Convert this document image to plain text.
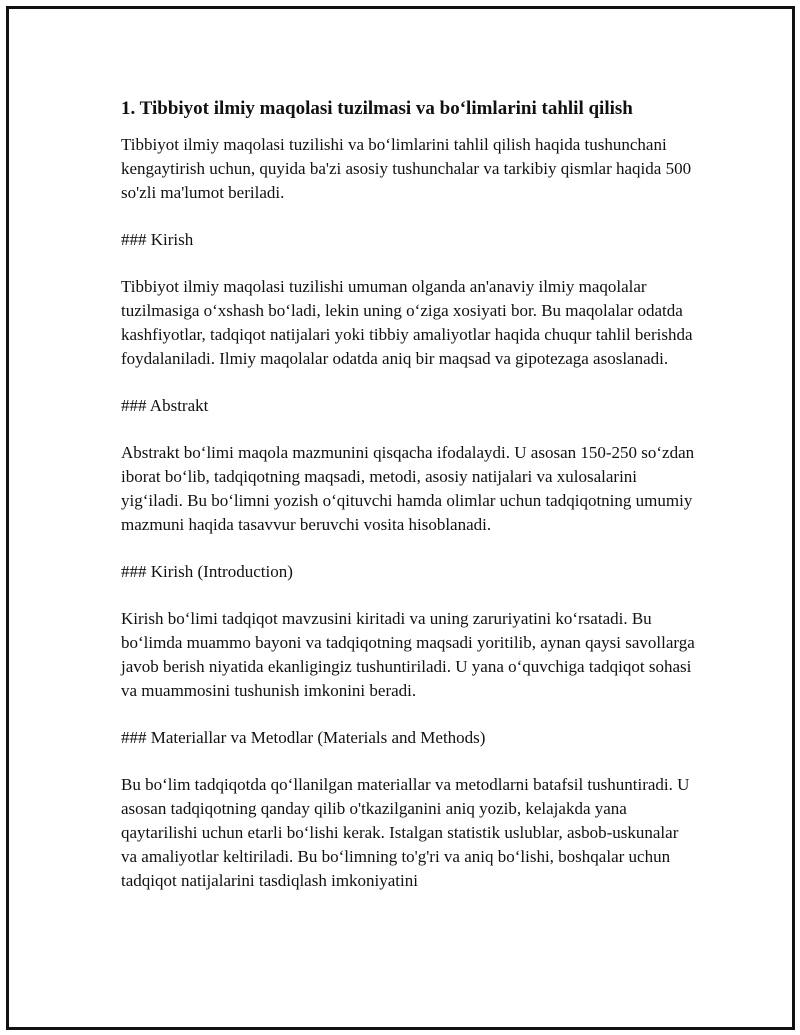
1. Tibbiyot ilmiy maqolasi tuzilmasi va bo‘limlarini tahlil qilish

Tibbiyot ilmiy maqolasi tuzilishi va bo‘limlarini tahlil qilish haqida tushunchani kengaytirish uchun, quyida ba'zi asosiy tushunchalar va tarkibiy qismlar haqida 500 so'zli ma'lumot beriladi.

### Kirish

Tibbiyot ilmiy maqolasi tuzilishi umuman olganda an'anaviy ilmiy maqolalar tuzilmasiga o‘xshash bo‘ladi, lekin uning o‘ziga xosiyati bor. Bu maqolalar odatda kashfiyotlar, tadqiqot natijalari yoki tibbiy amaliyotlar haqida chuqur tahlil berishda foydalaniladi. Ilmiy maqolalar odatda aniq bir maqsad va gipotezaga asoslanadi.

### Abstrakt

Abstrakt bo‘limi maqola mazmunini qisqacha ifodalaydi. U asosan 150-250 so‘zdan iborat bo‘lib, tadqiqotning maqsadi, metodi, asosiy natijalari va xulosalarini yig‘iladi. Bu bo‘limni yozish o‘qituvchi hamda olimlar uchun tadqiqotning umumiy mazmuni haqida tasavvur beruvchi vosita hisoblanadi.

### Kirish (Introduction)

Kirish bo‘limi tadqiqot mavzusini kiritadi va uning zaruriyatini ko‘rsatadi. Bu bo‘limda muammo bayoni va tadqiqotning maqsadi yoritilib, aynan qaysi savollarga javob berish niyatida ekanligingiz tushuntiriladi. U yana o‘quvchiga tadqiqot sohasi va muammosini tushunish imkonini beradi.

### Materiallar va Metodlar (Materials and Methods)

Bu bo‘lim tadqiqotda qo‘llanilgan materiallar va metodlarni batafsil tushuntiradi. U asosan tadqiqotning qanday qilib o'tkazilganini aniq yozib, kelajakda yana qaytarilishi uchun etarli bo‘lishi kerak. Istalgan statistik uslublar, asbob-uskunalar va amaliyotlar keltiriladi. Bu bo‘limning to'g'ri va aniq bo‘lishi, boshqalar uchun tadqiqot natijalarini tasdiqlash imkoniyatini
